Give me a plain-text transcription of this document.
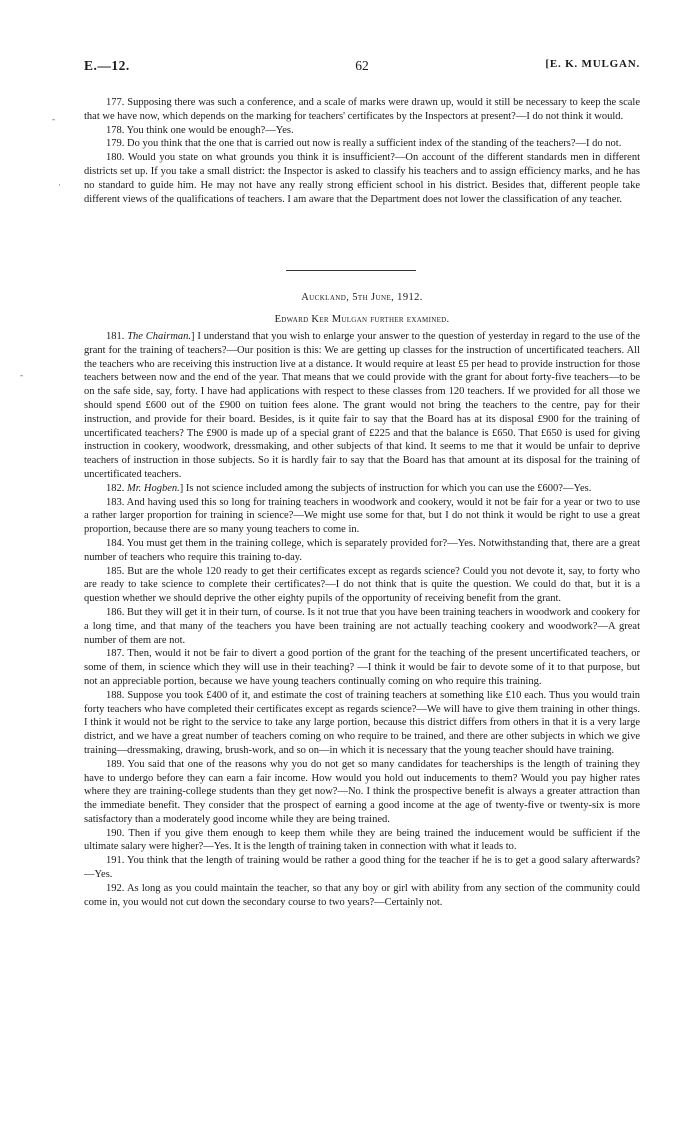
E.—12.	62	[E. K. MULGAN.

177. Supposing there was such a conference, and a scale of marks were drawn up, would it still be necessary to keep the scale that we have now, which depends on the marking for teachers' certificates by the Inspectors at present?—I do not think it would.

178. You think one would be enough?—Yes.

179. Do you think that the one that is carried out now is really a sufficient index of the standing of the teachers?—I do not.

180. Would you state on what grounds you think it is insufficient?—On account of the different standards men in different districts set up. If you take a small district: the Inspector is asked to classify his teachers and to assign efficiency marks, and he has no standard to guide him. He may not have any really strong efficient school in his district. Besides that, different people take different views of the qualifications of teachers. I am aware that the Department does not lower the classification of any teacher.

Auckland, 5th June, 1912.
Edward Ker Mulgan further examined.

181. The Chairman.] I understand that you wish to enlarge your answer to the question of yesterday in regard to the use of the grant for the training of teachers?—Our position is this: We are getting up classes for the instruction of uncertificated teachers. All the teachers who are receiving this instruction live at a distance. It would require at least £5 per head to provide instruction for those teachers between now and the end of the year. That means that we could provide with the grant for about forty-five teachers—to be on the safe side, say, forty. I have had applications with respect to these classes from 120 teachers. If we provided for all those we should spend £600 out of the £900 on tuition fees alone. The grant would not bring the teachers to the centre, pay for their instruction, and provide for their board. Besides, is it quite fair to say that the Board has at its disposal £900 for the training of uncertificated teachers? The £900 is made up of a special grant of £225 and that the balance is £650. That £650 is used for giving instruction in cookery, woodwork, dressmaking, and other subjects of that kind. It seems to me that it would be unfair to deprive teachers of instruction in those subjects. So it is hardly fair to say that the Board has that amount at its disposal for the training of uncertificated teachers.

182. Mr. Hogben.] Is not science included among the subjects of instruction for which you can use the £600?—Yes.

183. And having used this so long for training teachers in woodwork and cookery, would it not be fair for a year or two to use a rather larger proportion for training in science?—We might use some for that, but I do not think it would be right to use a great proportion, because there are so many young teachers to come in.

184. You must get them in the training college, which is separately provided for?—Yes. Notwithstanding that, there are a great number of teachers who require this training to-day.

185. But are the whole 120 ready to get their certificates except as regards science? Could you not devote it, say, to forty who are ready to take science to complete their certificates?—I do not think that is quite the question. We could do that, but it is a question whether we should deprive the other eighty pupils of the opportunity of receiving benefit from the grant.

186. But they will get it in their turn, of course. Is it not true that you have been training teachers in woodwork and cookery for a long time, and that many of the teachers you have been training are not actually teaching cookery and woodwork?—A great number of them are not.

187. Then, would it not be fair to divert a good portion of the grant for the teaching of the present uncertificated teachers, or some of them, in science which they will use in their teaching? —I think it would be fair to devote some of it to that purpose, but not an appreciable portion, because we have young teachers continually coming on who require this training.

188. Suppose you took £400 of it, and estimate the cost of training teachers at something like £10 each. Thus you would train forty teachers who have completed their certificates except as regards science?—We will have to give them training in other things. I think it would not be right to the service to take any large portion, because this district differs from others in that it is a very large district, and we have a great number of teachers coming on who require to be trained, and there are other subjects in which we give training—dressmaking, drawing, brush-work, and so on—in which it is necessary that the young teacher should have training.

189. You said that one of the reasons why you do not get so many candidates for teacherships is the length of training they have to undergo before they can earn a fair income. How would you hold out inducements to them? Would you pay higher rates where they are training-college students than they get now?—No. I think the prospective benefit is always a greater attraction than the immediate benefit. They consider that the prospect of earning a good income at the age of twenty-five or twenty-six is more satisfactory than a moderately good income while they are being trained.

190. Then if you give them enough to keep them while they are being trained the inducement would be sufficient if the ultimate salary were higher?—Yes. It is the length of training taken in connection with what it leads to.

191. You think that the length of training would be rather a good thing for the teacher if he is to get a good salary afterwards?—Yes.

192. As long as you could maintain the teacher, so that any boy or girl with ability from any section of the community could come in, you would not cut down the secondary course to two years?—Certainly not.

-
·
-
